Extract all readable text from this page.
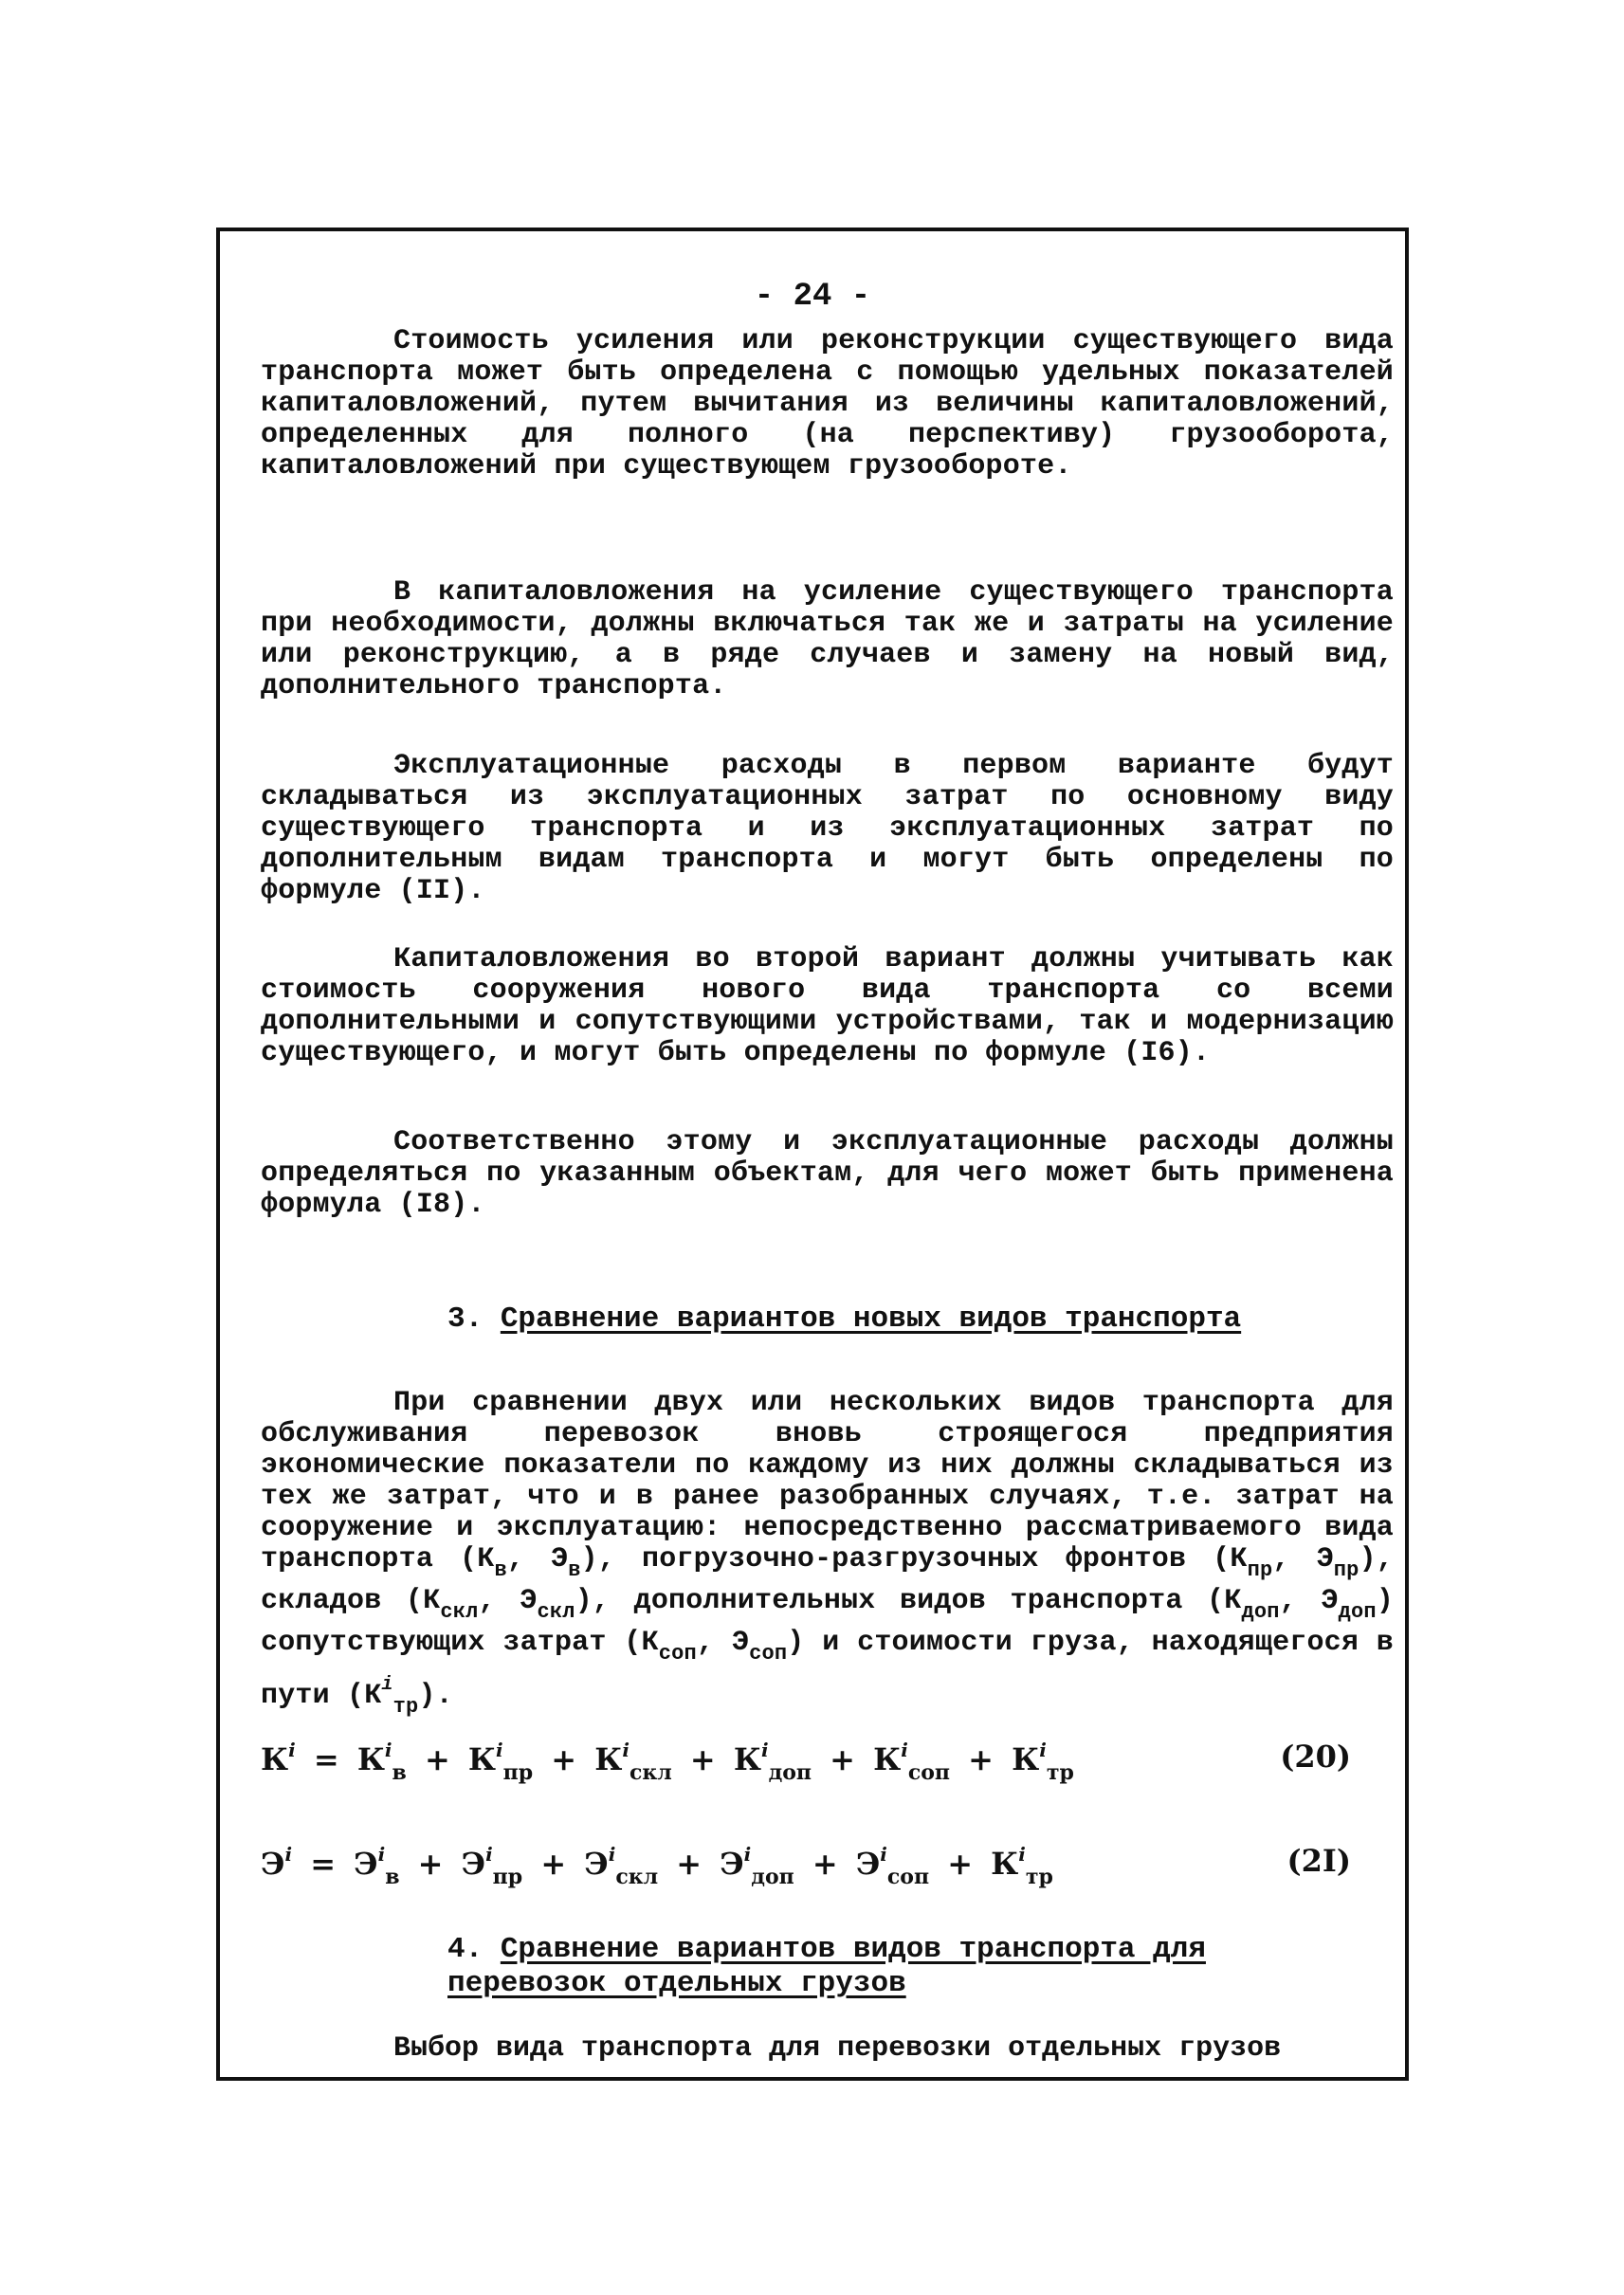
- 24 -

Стоимость усиления или реконструкции существующего вида транспорта может быть определена с помощью удельных показателей капиталовложений, путем вычитания из величины капиталовложений, определенных для полного (на перспективу) грузооборота, капиталовложений при существующем грузообороте.

В капиталовложения на усиление существующего транспорта при необходимости, должны включаться так же и затраты на усиление или реконструкцию, а в ряде случаев и замену на новый вид, дополнительного транспорта.

Эксплуатационные расходы в первом варианте будут складываться из эксплуатационных затрат по основному виду существующего транспорта и из эксплуатационных затрат по дополнительным видам транспорта и могут быть определены по формуле (II).

Капиталовложения во второй вариант должны учитывать как стоимость сооружения нового вида транспорта со всеми дополнительными и сопутствующими устройствами, так и модернизацию существующего, и могут быть определены по формуле (I6).

Соответственно этому и эксплуатационные расходы должны определяться по указанным объектам, для чего может быть применена формула (I8).

3. Сравнение вариантов новых видов транспорта

При сравнении двух или нескольких видов транспорта для обслуживания перевозок вновь строящегося предприятия экономические показатели по каждому из них должны складываться из тех же затрат, что и в ранее разобранных случаях, т.е. затрат на сооружение и эксплуатацию: непосредственно рассматриваемого вида транспорта ($К_в$, $Э_в$), погрузочно-разгрузочных фронтов ($К_{пр}$, $Э_{пр}$), складов ($К_{скл}$, $Э_{скл}$), дополнительных видов транспорта ($К_{доп}$, $Э_{доп}$) сопутствующих затрат ($К_{соп}$, $Э_{соп}$) и стоимости груза, находящегося в пути $(К^i_{тр})$.

$К^i = К^i_в + К^i_{пр} + К^i_{скл} + К^i_{доп} + К^i_{соп} + К^i_{тр}$	(20)
$Э^i = Э^i_в + Э^i_{пр} + Э^i_{скл} + Э^i_{доп} + Э^i_{соп} + К^i_{тр}$	(2I)
4. Сравнение вариантов видов транспорта для перевозок отдельных грузов
Выбор вида транспорта для перевозки отдельных грузов
